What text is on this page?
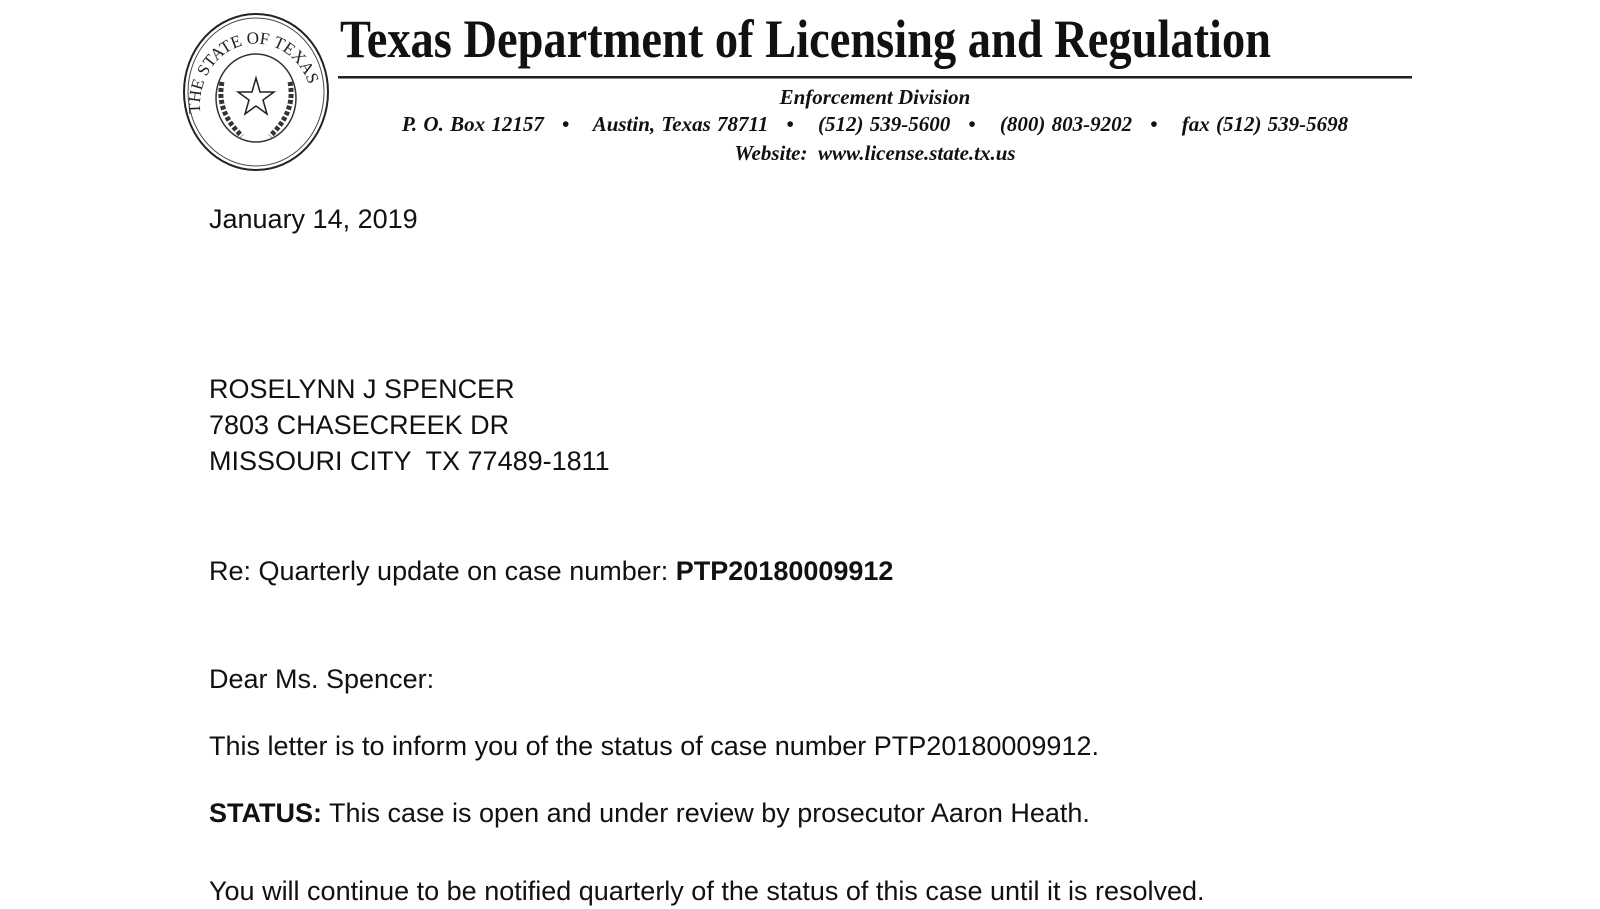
THE STATE OF TEXAS
Texas Department of Licensing and Regulation
Enforcement Division
P. O. Box 12157 • Austin, Texas 78711 • (512) 539-5600 • (800) 803-9202 • fax (512) 539-5698
Website: www.license.state.tx.us
January 14, 2019
ROSELYNN J SPENCER
7803 CHASECREEK DR
MISSOURI CITY  TX 77489-1811
Re: Quarterly update on case number: PTP20180009912
Dear Ms. Spencer:
This letter is to inform you of the status of case number PTP20180009912.
STATUS: This case is open and under review by prosecutor Aaron Heath.
You will continue to be notified quarterly of the status of this case until it is resolved.
